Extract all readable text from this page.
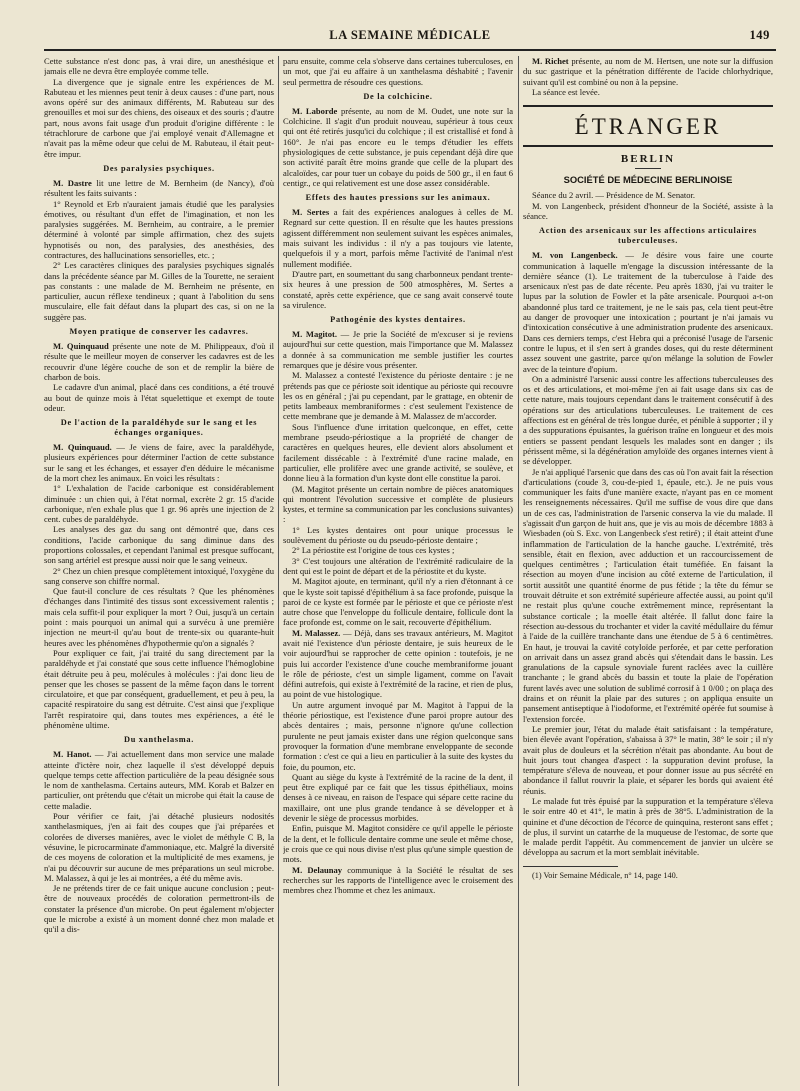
LA SEMAINE MÉDICALE	149

Cette substance n'est donc pas, à vrai dire, un anesthésique et jamais elle ne devra être employée comme telle.

La divergence que je signale entre les expériences de M. Rabuteau et les miennes peut tenir à deux causes : d'une part, nous avons opéré sur des animaux différents, M. Rabuteau sur des grenouilles et moi sur des chiens, des oiseaux et des souris ; d'autre part, nous avons fait usage d'un produit d'origine différente : le tétrachlorure de carbone que j'ai employé venait d'Allemagne et n'avait pas la même odeur que celui de M. Rabuteau, il était peut-être impur.

Des paralysies psychiques.

M. Dastre lit une lettre de M. Bernheim (de Nancy), d'où résultent les faits suivants :

1° Reynold et Erb n'auraient jamais étudié que les paralysies émotives, ou résultant d'un effet de l'imagination, et non les paralysies suggérées. M. Bernheim, au contraire, a le premier déterminé à volonté par simple affirmation, chez des sujets hypnotisés ou non, des paralysies, des anesthésies, des contractures, des hallucinations sensorielles, etc. ;

2° Les caractères cliniques des paralysies psychiques signalés dans la précédente séance par M. Gilles de la Tourette, ne seraient pas constants : une malade de M. Bernheim ne présente, en particulier, aucun réflexe tendineux ; quant à l'abolition du sens musculaire, elle fait défaut dans la plupart des cas, si on ne la suggère pas.

Moyen pratique de conserver les cadavres.

M. Quinquaud présente une note de M. Philippeaux, d'où il résulte que le meilleur moyen de conserver les cadavres est de les recouvrir d'une légère couche de son et de remplir la bière de charbon de bois.

Le cadavre d'un animal, placé dans ces conditions, a été trouvé au bout de quinze mois à l'état squelettique et exempt de toute odeur.

De l'action de la paraldéhyde sur le sang et les échanges organiques.

M. Quinquaud. — Je viens de faire, avec la paraldéhyde, plusieurs expériences pour déterminer l'action de cette substance sur le sang et les échanges, et essayer d'en déduire le mécanisme de la mort chez les animaux. En voici les résultats :

1° L'exhalation de l'acide carbonique est considérablement diminuée : un chien qui, à l'état normal, excrète 2 gr. 15 d'acide carbonique, n'en exhale plus que 1 gr. 96 après une injection de 2 cent. cubes de paraldéhyde.

Les analyses des gaz du sang ont démontré que, dans ces conditions, l'acide carbonique du sang diminue dans des proportions colossales, et cependant l'animal est presque suffocant, son sang artériel est presque aussi noir que le sang veineux.

2° Chez un chien presque complètement intoxiqué, l'oxygène du sang conserve son chiffre normal.

Que faut-il conclure de ces résultats ? Que les phénomènes d'échanges dans l'intimité des tissus sont excessivement ralentis ; mais cela suffit-il pour expliquer la mort ? Oui, jusqu'à un certain point : mais pourquoi un animal qui a survécu à une première injection ne meurt-il qu'au bout de trente-six ou quarante-huit heures avec les phénomènes d'hypothermie qu'on a signalés ?

Pour expliquer ce fait, j'ai traité du sang directement par la paraldéhyde et j'ai constaté que sous cette influence l'hémoglobine était détruite peu à peu, molécules à molécules : j'ai donc lieu de penser que les choses se passent de la même façon dans le torrent circulatoire, et que par conséquent, graduellement, et peu à peu, la capacité respiratoire du sang est détruite. C'est ainsi que j'explique l'arrêt respiratoire qui, dans toutes mes expériences, a été le phénomène ultime.

Du xanthelasma.

M. Hanot. — J'ai actuellement dans mon service une malade atteinte d'ictère noir, chez laquelle il s'est développé depuis quelque temps cette affection particulière de la peau désignée sous le nom de xanthelasma. Certains auteurs, MM. Korab et Balzer en particulier, ont prétendu que c'était un microbe qui était la cause de cette maladie.

Pour vérifier ce fait, j'ai détaché plusieurs nodosités xanthelasmiques, j'en ai fait des coupes que j'ai préparées et colorées de diverses manières, avec le violet de méthyle C B, la vésuvine, le picrocarminate d'ammoniaque, etc. Malgré la diversité de ces moyens de coloration et la multiplicité de mes examens, je n'ai pu découvrir sur aucune de mes préparations un seul microbe. M. Malassez, à qui je les ai montrées, a été du même avis.

Je ne prétends tirer de ce fait unique aucune conclusion ; peut-être de nouveaux procédés de coloration permettront-ils de constater la présence d'un microbe. On peut également m'objecter que le microbe a existé à un moment donné chez mon malade et qu'il a dis-

paru ensuite, comme cela s'observe dans certaines tuberculoses, en un mot, que j'ai eu affaire à un xanthelasma déshabité ; l'avenir seul permettra de résoudre ces questions.

De la colchicine.

M. Laborde présente, au nom de M. Oudet, une note sur la Colchicine. Il s'agit d'un produit nouveau, supérieur à tous ceux qui ont été retirés jusqu'ici du colchique ; il est cristallisé et fond à 160°. Je n'ai pas encore eu le temps d'étudier les effets physiologiques de cette substance, je puis cependant déjà dire que son activité paraît être moins grande que celle de la plupart des alcaloïdes, car pour tuer un cobaye du poids de 500 gr., il en faut 6 centigr., ce qui relativement est une dose assez considérable.

Effets des hautes pressions sur les animaux.

M. Sertes a fait des expériences analogues à celles de M. Regnard sur cette question. Il en résulte que les hautes pressions agissent différemment non seulement suivant les espèces animales, mais suivant les individus : il n'y a pas toujours vie latente, quelquefois il y a mort, parfois même l'activité de l'animal n'est nullement modifiée.

D'autre part, en soumettant du sang charbonneux pendant trente-six heures à une pression de 500 atmosphères, M. Sertes a constaté, après cette expérience, que ce sang avait conservé toute sa virulence.

Pathogénie des kystes dentaires.

M. Magitot. — Je prie la Société de m'excuser si je reviens aujourd'hui sur cette question, mais l'importance que M. Malassez a donnée à sa communication me semble justifier les courtes remarques que je désire vous présenter.

M. Malassez a contesté l'existence du périoste dentaire : je ne prétends pas que ce périoste soit identique au périoste qui recouvre les os en général ; j'ai pu cependant, par le grattage, en obtenir de petits lambeaux membraniformes : c'est seulement l'existence de cette membrane que je demande à M. Malassez de m'accorder.

Sous l'influence d'une irritation quelconque, en effet, cette membrane pseudo-périostique a la propriété de changer de caractères en quelques heures, elle devient alors absolument et facilement dissécable : à l'extrémité d'une racine malade, en particulier, elle prolifère avec une grande activité, se soulève, et donne lieu à la formation d'un kyste dont elle constitue la paroi.

(M. Magitot présente un certain nombre de pièces anatomiques qui montrent l'évolution successive et complète de plusieurs kystes, et termine sa communication par les conclusions suivantes) :

1° Les kystes dentaires ont pour unique processus le soulèvement du périoste ou du pseudo-périoste dentaire ;

2° La périostite est l'origine de tous ces kystes ;

3° C'est toujours une altération de l'extrémité radiculaire de la dent qui est le point de départ et de la périostite et du kyste.

M. Magitot ajoute, en terminant, qu'il n'y a rien d'étonnant à ce que le kyste soit tapissé d'épithélium à sa face profonde, puisque la paroi de ce kyste est formée par le périoste et que ce périoste n'est autre chose que l'enveloppe du follicule dentaire, follicule dont la face profonde est, comme on le sait, recouverte d'épithélium.

M. Malassez. — Déjà, dans ses travaux antérieurs, M. Magitot avait nié l'existence d'un périoste dentaire, je suis heureux de le voir aujourd'hui se rapprocher de cette opinion : toutefois, je ne puis lui accorder l'existence d'une couche membraniforme jouant le rôle de périoste, c'est un simple ligament, comme on l'avait défini autrefois, qui existe à l'extrémité de la racine, et rien de plus, au point de vue histologique.

Un autre argument invoqué par M. Magitot à l'appui de la théorie périostique, est l'existence d'une paroi propre autour des abcès dentaires ; mais, personne n'ignore qu'une collection purulente ne peut jamais exister dans une région quelconque sans provoquer la formation d'une membrane enveloppante de seconde formation : c'est ce qui a lieu en particulier à la suite des kystes du foie, du poumon, etc.

Quant au siège du kyste à l'extrémité de la racine de la dent, il peut être expliqué par ce fait que les tissus épithéliaux, moins denses à ce niveau, en raison de l'espace qui sépare cette racine du maxillaire, ont une plus grande tendance à se développer et à devenir le siège de processus morbides.

Enfin, puisque M. Magitot considère ce qu'il appelle le périoste de la dent, et le follicule dentaire comme une seule et même chose, je crois que ce qui nous divise n'est plus qu'une simple question de mots.

M. Delaunay communique à la Société le résultat de ses recherches sur les rapports de l'intelligence avec le croisement des membres chez l'homme et chez les animaux.

M. Richet présente, au nom de M. Hertsen, une note sur la diffusion du suc gastrique et la pénétration différente de l'acide chlorhydrique, suivant qu'il est combiné ou non à la pepsine.

La séance est levée.

ÉTRANGER
BERLIN
SOCIÉTÉ DE MÉDECINE BERLINOISE

Séance du 2 avril. — Présidence de M. Senator.

M. von Langenbeck, président d'honneur de la Société, assiste à la séance.

Action des arsenicaux sur les affections articulaires tuberculeuses.

M. von Langenbeck. — Je désire vous faire une courte communication à laquelle m'engage la discussion intéressante de la dernière séance (1). Le traitement de la tuberculose à l'aide des arsenicaux n'est pas de date récente. Peu après 1830, j'ai vu traiter le lupus par la solution de Fowler et la pâte arsenicale. Pourquoi a-t-on abandonné plus tard ce traitement, je ne le sais pas, cela tient peut-être au danger de provoquer une intoxication ; pourtant je n'ai jamais vu d'intoxication consécutive à une administration prudente des arsenicaux. Dans ces derniers temps, c'est Hebra qui a préconisé l'usage de l'arsenic contre le lupus, et il s'en sert à grandes doses, qui du reste déterminent assez souvent une gastrite, parce qu'on mélange la solution de Fowler avec de la teinture d'opium.

On a administré l'arsenic aussi contre les affections tuberculeuses des os et des articulations, et moi-même j'en ai fait usage dans six cas de cette nature, mais toujours cependant dans le traitement consécutif à des opérations sur des articulations tuberculeuses. Le traitement de ces affections est en général de très longue durée, et pénible à supporter ; il y a des suppurations épuisantes, la guérison traîne en longueur et des mois entiers se passent pendant lesquels les malades sont en danger ; ils périssent même, si la dégénération amyloïde des organes internes vient à se développer.

Je n'ai appliqué l'arsenic que dans des cas où l'on avait fait la résection d'articulations (coude 3, cou-de-pied 1, épaule, etc.). Je ne puis vous communiquer les faits d'une manière exacte, n'ayant pas en ce moment les renseignements nécessaires. Qu'il me suffise de vous dire que dans un de ces cas, l'administration de l'arsenic conserva la vie du malade. Il s'agissait d'un garçon de huit ans, que je vis au mois de décembre 1883 à Wiesbaden (où S. Exc. von Langenbeck s'est retiré) ; il était atteint d'une inflammation de l'articulation de la hanche gauche. L'extrémité, très sensible, était en flexion, avec adduction et un raccourcissement de quelques centimètres ; l'articulation était tuméfiée. En faisant la résection au moyen d'une incision au côté externe de l'articulation, il sortit aussitôt une quantité énorme de pus fétide ; la tête du fémur se trouvait détruite et son extrémité supérieure affectée aussi, au point qu'il ne restait plus qu'une couche extrêmement mince, représentant la substance corticale ; la moelle était altérée. Il fallut donc faire la résection au-dessous du trochanter et vider la cavité médullaire du fémur à l'aide de la cuillère tranchante dans une étendue de 5 à 6 centimètres. En haut, je trouvai la cavité cotyloïde perforée, et par cette perforation on arrivait dans un assez grand abcès qui s'étendait dans le bassin. Les granulations de la capsule synoviale furent raclées avec la cuillère tranchante ; le grand abcès du bassin et toute la plaie de l'opération furent lavés avec une solution de sublimé corrosif à 1 0/00 ; on plaça des drains et on réunit la plaie par des sutures ; on appliqua ensuite un pansement antiseptique à l'iodoforme, et l'extrémité opérée fut soumise à l'extension forcée.

Le premier jour, l'état du malade était satisfaisant : la température, bien élevée avant l'opération, s'abaissa à 37° le matin, 38° le soir ; il n'y avait plus de douleurs et la sécrétion n'était pas abondante. Au bout de huit jours tout changea d'aspect : la suppuration devint profuse, la température s'éleva de nouveau, et pour donner issue au pus sécrété en abondance il fallut rouvrir la plaie, et séparer les bords qui avaient été réunis.

Le malade fut très épuisé par la suppuration et la température s'éleva le soir entre 40 et 41°, le matin à près de 38°5. L'administration de la quinine et d'une décoction de l'écorce de quinquina, resteront sans effet ; de plus, il survint un catarrhe de la muqueuse de l'estomac, de sorte que le malade perdit l'appétit. Au commencement de janvier un ulcère se développa au sacrum et la mort semblait inévitable.

(1) Voir Semaine Médicale, n° 14, page 140.
